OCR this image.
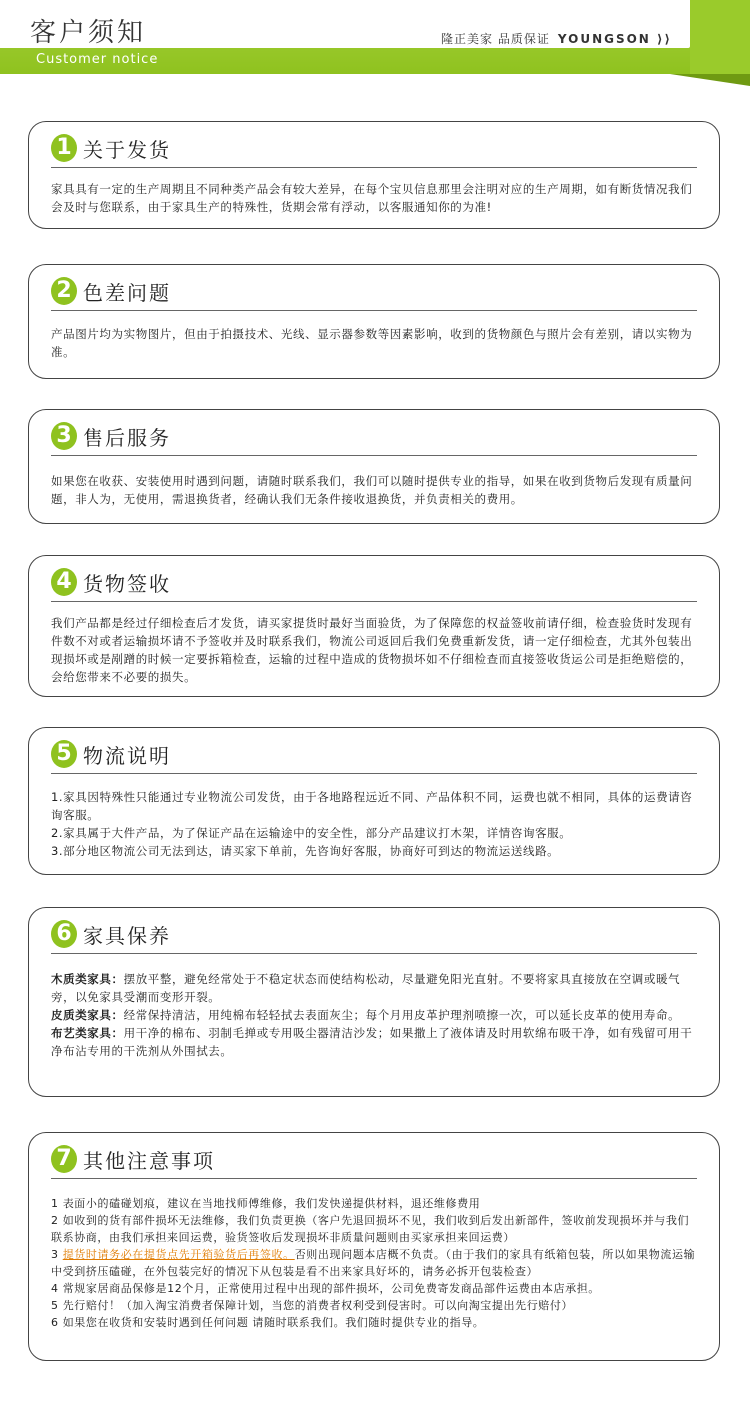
客户须知
Customer notice
隆正美家 品质保证 YOUNGSON ⟩⟩
1 关于发货

家具具有一定的生产周期且不同种类产品会有较大差异，在每个宝贝信息那里会注明对应的生产周期，如有断货情况我们会及时与您联系，由于家具生产的特殊性，货期会常有浮动，以客服通知你的为准!

2 色差问题

产品图片均为实物图片，但由于拍摄技术、光线、显示器参数等因素影响，收到的货物颜色与照片会有差别，请以实物为准。

3 售后服务

如果您在收获、安装使用时遇到问题，请随时联系我们，我们可以随时提供专业的指导，如果在收到货物后发现有质量问题，非人为，无使用，需退换货者，经确认我们无条件接收退换货，并负责相关的费用。

4 货物签收

我们产品都是经过仔细检查后才发货，请买家提货时最好当面验货，为了保障您的权益签收前请仔细，检查验货时发现有件数不对或者运输损坏请不予签收并及时联系我们，物流公司返回后我们免费重新发货，请一定仔细检查，尤其外包装出现损坏或是剐蹭的时候一定要拆箱检查，运输的过程中造成的货物损坏如不仔细检查而直接签收货运公司是拒绝赔偿的，会给您带来不必要的损失。

5 物流说明

1.家具因特殊性只能通过专业物流公司发货，由于各地路程远近不同、产品体积不同，运费也就不相同，具体的运费请咨询客服。

2.家具属于大件产品，为了保证产品在运输途中的安全性，部分产品建议打木架，详情咨询客服。

3.部分地区物流公司无法到达，请买家下单前，先咨询好客服，协商好可到达的物流运送线路。

6 家具保养

木质类家具：摆放平整，避免经常处于不稳定状态而使结构松动，尽量避免阳光直射。不要将家具直接放在空调或暖气旁，以免家具受潮而变形开裂。

皮质类家具：经常保持清洁，用纯棉布轻轻拭去表面灰尘；每个月用皮革护理剂喷擦一次，可以延长皮革的使用寿命。

布艺类家具：用干净的棉布、羽制毛掸或专用吸尘器清洁沙发；如果撒上了液体请及时用软绵布吸干净，如有残留可用干净布沾专用的干洗剂从外围拭去。

7 其他注意事项

1 表面小的磕碰划痕，建议在当地找师傅维修，我们发快递提供材料，退还维修费用

2 如收到的货有部件损坏无法维修，我们负责更换（客户先退回损坏不见，我们收到后发出新部件，签收前发现损坏并与我们联系协商，由我们承担来回运费，验货签收后发现损坏非质量问题则由买家承担来回运费）

3 提货时请务必在提货点先开箱验货后再签收。否则出现问题本店概不负责。（由于我们的家具有纸箱包装，所以如果物流运输中受到挤压磕碰，在外包装完好的情况下从包装是看不出来家具好坏的，请务必拆开包装检查）

4 常规家居商品保修是12个月，正常使用过程中出现的部件损坏，公司免费寄发商品部件运费由本店承担。

5 先行赔付！（加入淘宝消费者保障计划，当您的消费者权利受到侵害时。可以向淘宝提出先行赔付）

6 如果您在收货和安装时遇到任何问题 请随时联系我们。我们随时提供专业的指导。
